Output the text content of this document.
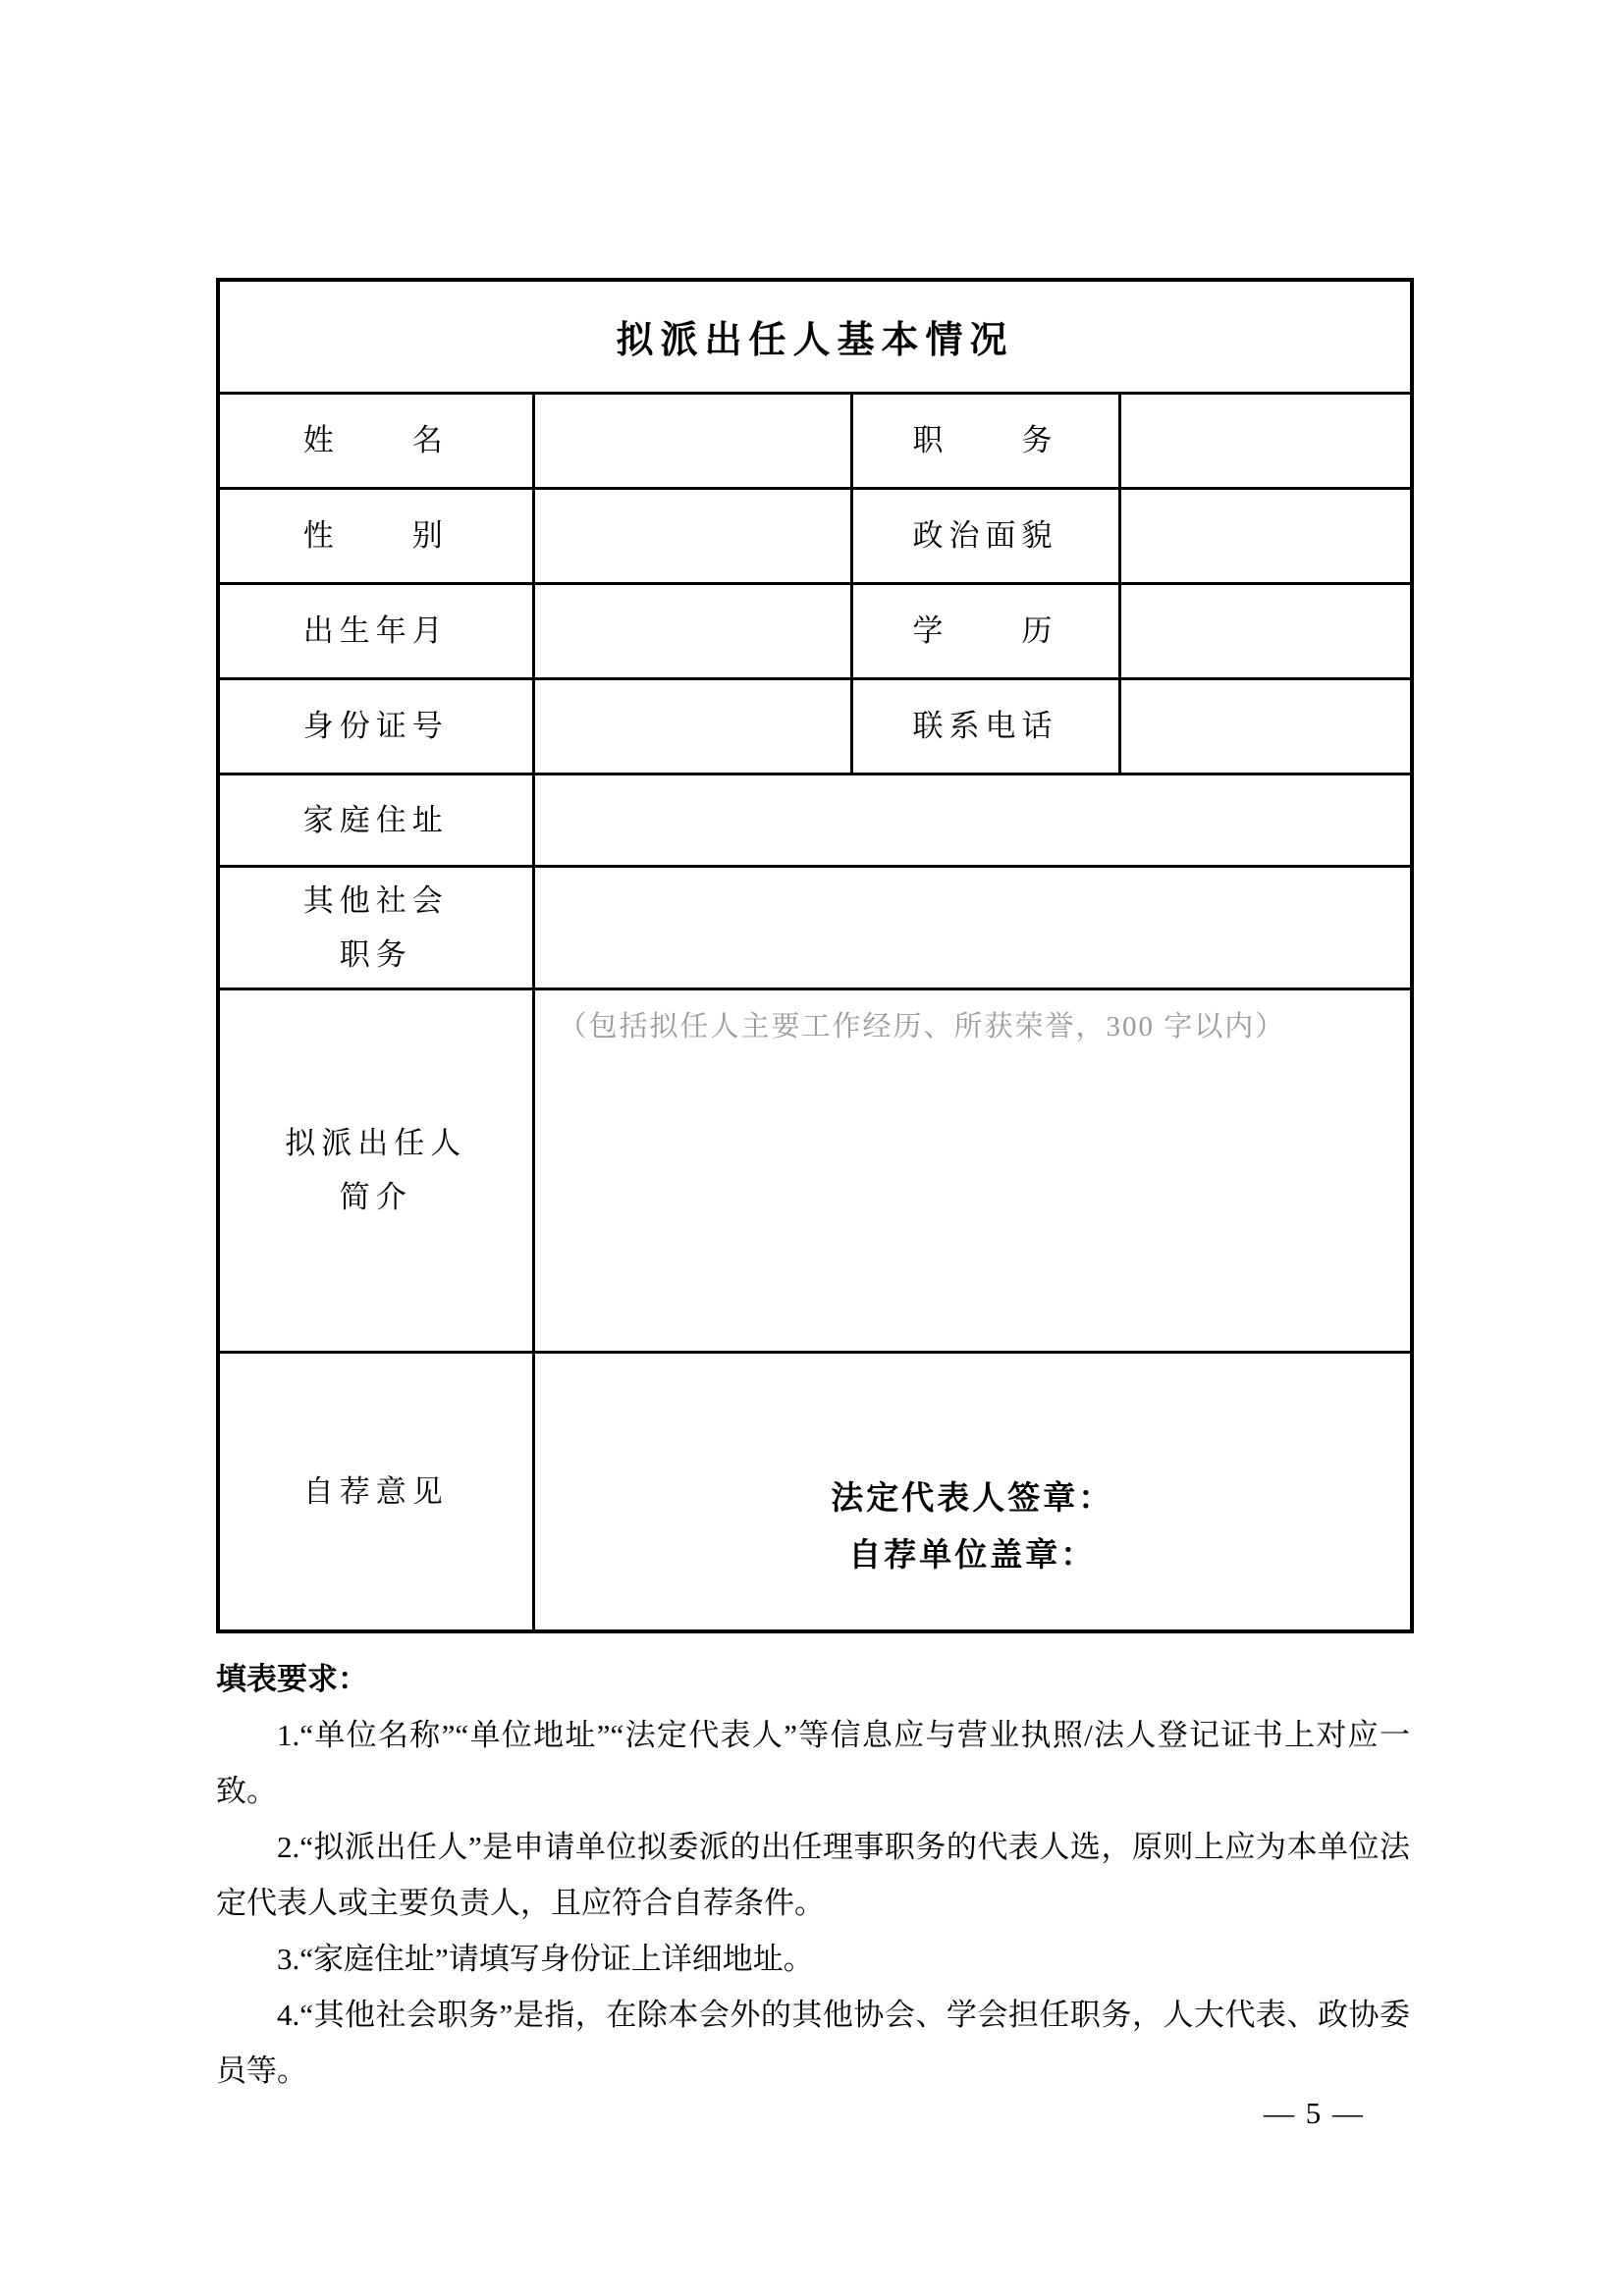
拟派出任人基本情况			
姓　　名		职　　务	
性　　别		政治面貌	
出生年月		学　　历	
身份证号		联系电话	
家庭住址			

其他社会
职务			

拟派出任人
简介	（包括拟任人主要工作经历、所获荣誉，300 字以内）		

自荐意见	法定代表人签章：
自荐单位盖章：		

填表要求：

1.“单位名称”“单位地址”“法定代表人”等信息应与营业执照/法人登记证书上对应一致。

2.“拟派出任人”是申请单位拟委派的出任理事职务的代表人选，原则上应为本单位法定代表人或主要负责人，且应符合自荐条件。

3.“家庭住址”请填写身份证上详细地址。

4.“其他社会职务”是指，在除本会外的其他协会、学会担任职务，人大代表、政协委员等。

— 5 —
